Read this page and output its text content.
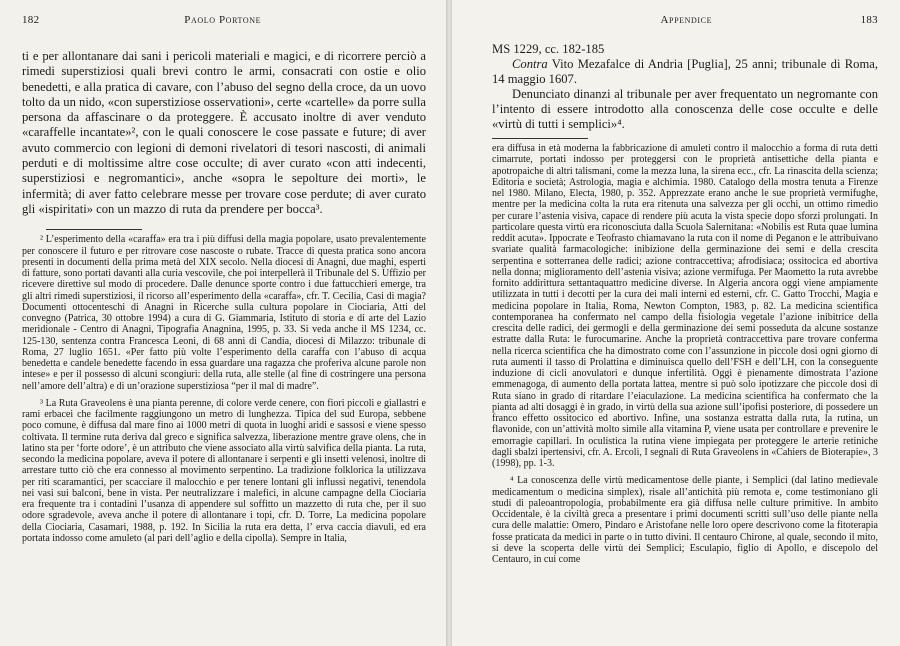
182	Paolo Portone

ti e per allontanare dai sani i pericoli materiali e magici, e di ricorrere perciò a rimedi superstiziosi quali brevi contro le armi, consacrati con ostie e olio benedetti, e alla pratica di cavare, con l’abuso del segno della croce, da un uovo tolto da un nido, «con superstiziose osservationi», certe «cartelle» da porre sulla persona da affascinare o da proteggere. È accusato inoltre di aver venduto «caraffelle incantate»², con le quali conoscere le cose passate e future; di aver avuto commercio con legioni di demoni rivelatori di tesori nascosti, di animali perduti e di moltissime altre cose occulte; di aver curato «con atti indecenti, superstiziosi e negromantici», anche «sopra le sepolture dei morti», le infermità; di aver fatto celebrare messe per trovare cose perdute; di aver curato gli «ispiritati» con un mazzo di ruta da prendere per bocca³.

² L’esperimento della «caraffa» era tra i più diffusi della magia popolare, usato prevalentemente per conoscere il futuro e per ritrovare cose nascoste o rubate. Tracce di questa pratica sono ancora presenti in documenti della prima metà del XIX secolo. Nella diocesi di Anagni, due maghi, esperti di fatture, sono portati davanti alla curia vescovile, che poi interpellerà il Tribunale del S. Uffizio per ricevere direttive sul modo di procedere. Dalle denunce sporte contro i due fattucchieri emerge, tra gli altri rimedi superstiziosi, il ricorso all’esperimento della «caraffa», cfr. T. Cecilia, Casi di magia? Documenti ottocenteschi di Anagni in Ricerche sulla cultura popolare in Ciociaria, Atti del convegno (Patrica, 30 ottobre 1994) a cura di G. Giammaria, Istituto di storia e di arte del Lazio meridionale - Centro di Anagni, Tipografia Anagnina, 1995, p. 33. Si veda anche il MS 1234, cc. 125-130, sentenza contra Francesca Leoni, di 68 anni di Candia, diocesi di Milazzo: tribunale di Roma, 27 luglio 1651. «Per fatto più volte l’esperimento della caraffa con l’abuso di acqua benedetta e candele benedette facendo in essa guardare una ragazza che proferiva alcune parole non intese» e per il possesso di alcuni scongiuri: della ruta, alle stelle (al fine di costringere una persona nell’amore dell’altra) e di un’orazione superstiziosa “per il mal di madre”.

³ La Ruta Graveolens è una pianta perenne, di colore verde cenere, con fiori piccoli e giallastri e rami erbacei che facilmente raggiungono un metro di lunghezza. Tipica del sud Europa, sebbene poco comune, è diffusa dal mare fino ai 1000 metri di quota in luoghi aridi e sassosi e viene spesso coltivata. Il termine ruta deriva dal greco e significa salvezza, liberazione mentre grave olens, che in latino sta per ‘forte odore’, è un attributo che viene associato alla virtù salvifica della pianta. La ruta, secondo la medicina popolare, aveva il potere di allontanare i serpenti e gli insetti velenosi, inoltre di arrestare tutto ciò che era connesso al movimento serpentino. La tradizione folklorica la utilizzava per riti scaramantici, per scacciare il malocchio e per tenere lontani gli influssi negativi, tenendola nei vasi sui balconi, bene in vista. Per neutralizzare i malefici, in alcune campagne della Ciociaria era frequente tra i contadini l’usanza di appendere sul soffitto un mazzetto di ruta che, per il suo odore sgradevole, aveva anche il potere di allontanare i topi, cfr. D. Torre, La medicina popolare della Ciociaria, Casamari, 1988, p. 192. In Sicilia la ruta era detta, l’ erva caccia diavuli, ed era portata indosso come amuleto (al pari dell’aglio e della cipolla). Sempre in Italia,

Appendice	183

MS 1229, cc. 182-185

Contra Vito Mezafalce di Andria [Puglia], 25 anni; tribunale di Roma, 14 maggio 1607.

Denunciato dinanzi al tribunale per aver frequentato un negromante con l’intento di essere introdotto alla conoscenza delle cose occulte e delle «virtù di tutti i semplici»⁴.

era diffusa in età moderna la fabbricazione di amuleti contro il malocchio a forma di ruta detti cimarrute, portati indosso per proteggersi con le proprietà antisettiche della pianta e apotropaiche di altri talismani, come la mezza luna, la sirena ecc., cfr. La rinascita della scienza; Editoria e società; Astrologia, magia e alchimia. 1980. Catalogo della mostra tenuta a Firenze nel 1980. Milano, Electa, 1980, p. 352. Apprezzate erano anche le sue proprietà vermifughe, mentre per la medicina colta la ruta era ritenuta una salvezza per gli occhi, un ottimo rimedio per curare l’astenia visiva, capace di rendere più acuta la vista specie dopo sforzi prolungati. In particolare questa virtù era riconosciuta dalla Scuola Salernitana: «Nobilis est Ruta quae lumina reddit acuta». Ippocrate e Teofrasto chiamavano la ruta con il nome di Peganon e le attribuivano svariate qualità farmacologiche: inibizione della germinazione dei semi e della crescita serpentina e sotterranea delle radici; azione contraccettiva; afrodisiaca; ossitocica ed abortiva nella donna; miglioramento dell’astenia visiva; azione vermifuga. Per Maometto la ruta avrebbe fornito addirittura settantaquattro medicine diverse. In Algeria ancora oggi viene ampiamente utilizzata in tutti i decotti per la cura dei mali interni ed esterni, cfr. C. Gatto Trocchi, Magia e medicina popolare in Italia, Roma, Newton Compton, 1983, p. 82. La medicina scientifica contemporanea ha confermato nel campo della fisiologia vegetale l’azione inibitrice della crescita delle radici, dei germogli e della germinazione dei semi posseduta da alcune sostanze estratte dalla Ruta: le furocumarine. Anche la proprietà contraccettiva pare trovare conferma nella ricerca scientifica che ha dimostrato come con l’assunzione in piccole dosi ogni giorno di ruta aumenti il tasso di Prolattina e diminuisca quello dell’FSH e dell’LH, con la conseguente induzione di cicli anovulatori e dunque infertilità. Oggi è pienamente dimostrata l’azione emmenagoga, di aumento della portata lattea, mentre si può solo ipotizzare che piccole dosi di Ruta siano in grado di ritardare l’eiaculazione. La medicina scientifica ha confermato che la pianta ad alti dosaggi è in grado, in virtù della sua azione sull’ipofisi posteriore, di possedere un franco effetto ossitocico ed abortìvo. Infine, una sostanza estratta dalla ruta, la rutina, un flavonide, con un’attività molto simile alla vitamina P, viene usata per controllare e prevenire le emorragie capillari. In oculistica la rutina viene impiegata per proteggere le arterie retiniche dagli sbalzi ipertensivi, cfr. A. Ercoli, I segnali di Ruta Graveolens in «Cahiers de Bioterapie», 3 (1998), pp. 1-3.

⁴ La conoscenza delle virtù medicamentose delle piante, i Semplici (dal latino medievale medicamentum o medicina simplex), risale all’antichità più remota e, come testimoniano gli studi di paleoantropologia, probabilmente era già diffusa nelle culture primitive. In ambito Occidentale, è la civiltà greca a presentare i primi documenti scritti sull’uso delle piante nella cura delle malattie: Omero, Pindaro e Aristofane nelle loro opere descrivono come la fitoterapia fosse praticata da medici in parte o in tutto divini. Il centauro Chirone, al quale, secondo il mito, si deve la scoperta delle virtù dei Semplici; Esculapio, figlio di Apollo, e discepolo del Centauro, in cui come
